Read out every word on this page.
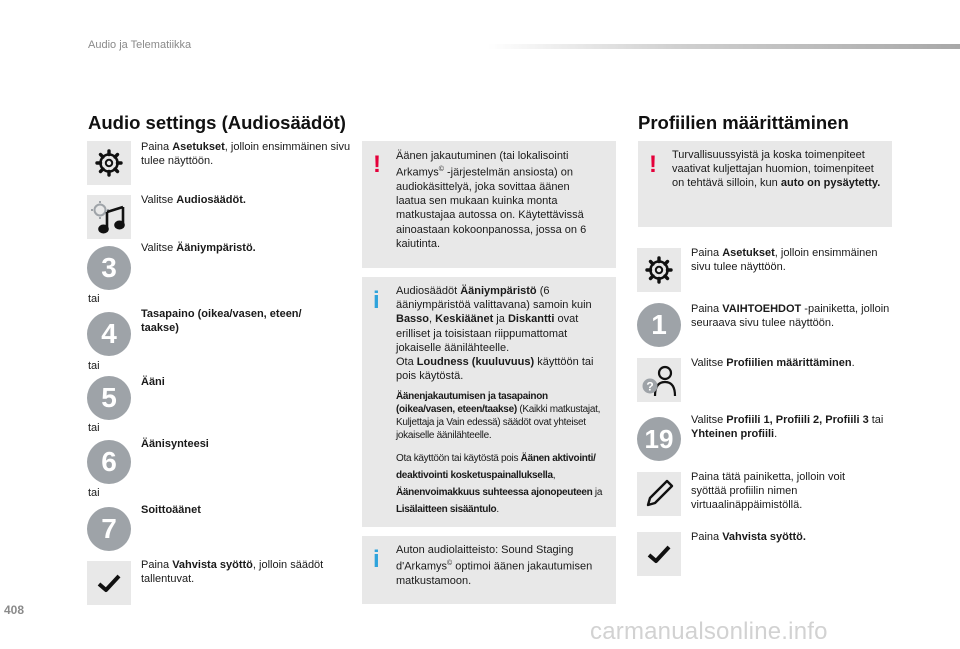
Audio ja Telematiikka
Audio settings (Audiosäädöt)
Paina Asetukset, jolloin ensimmäinen sivu tulee näyttöön.
Valitse Audiosäädöt.
3
Valitse Ääniympäristö.
tai
4
Tasapaino (oikea/vasen, eteen/ taakse)
tai
5	Ääni
tai
6
Äänisynteesi
tai
7
Soittoäänet
Paina Vahvista syöttö, jolloin säädöt tallentuvat.
! Äänen jakautuminen (tai lokalisointi Arkamys© -järjestelmän ansiosta) on audiokäsittelyä, joka sovittaa äänen laatua sen mukaan kuinka monta matkustajaa autossa on. Käytettävissä ainoastaan kokoonpanossa, jossa on 6 kaiutinta.
i Audiosäädöt Ääniympäristö (6 ääniympäristöä valittavana) samoin kuin Basso, Keskiäänet ja Diskantti ovat erilliset ja toisistaan riippumattomat jokaiselle äänilähteelle.
Ota Loudness (kuuluvuus) käyttöön tai pois käytöstä.
Äänenjakautumisen ja tasapainon (oikea/vasen, eteen/taakse) (Kaikki matkustajat, Kuljettaja ja Vain edessä) säädöt ovat yhteiset jokaiselle äänilähteelle.
Ota käyttöön tai käytöstä pois Äänen aktivointi/ deaktivointi kosketuspainalluksella, Äänenvoimakkuus suhteessa ajonopeuteen ja Lisälaitteen sisääntulo.
i Auton audiolaitteisto: Sound Staging d'Arkamys© optimoi äänen jakautumisen matkustamoon.
Profiilien määrittäminen
! Turvallisuussyistä ja koska toimenpiteet vaativat kuljettajan huomion, toimenpiteet on tehtävä silloin, kun auto on pysäytetty.
Paina Asetukset, jolloin ensimmäinen sivu tulee näyttöön.
1	Paina VAIHTOEHDOT -painiketta, jolloin seuraava sivu tulee näyttöön.
?
Valitse Profiilien määrittäminen.
19
Valitse Profiili 1, Profiili 2, Profiili 3 tai Yhteinen profiili.
Paina tätä painiketta, jolloin voit syöttää profiilin nimen virtuaalinäppäimistöllä.
Paina Vahvista syöttö.
408
carmanualsonline.info
